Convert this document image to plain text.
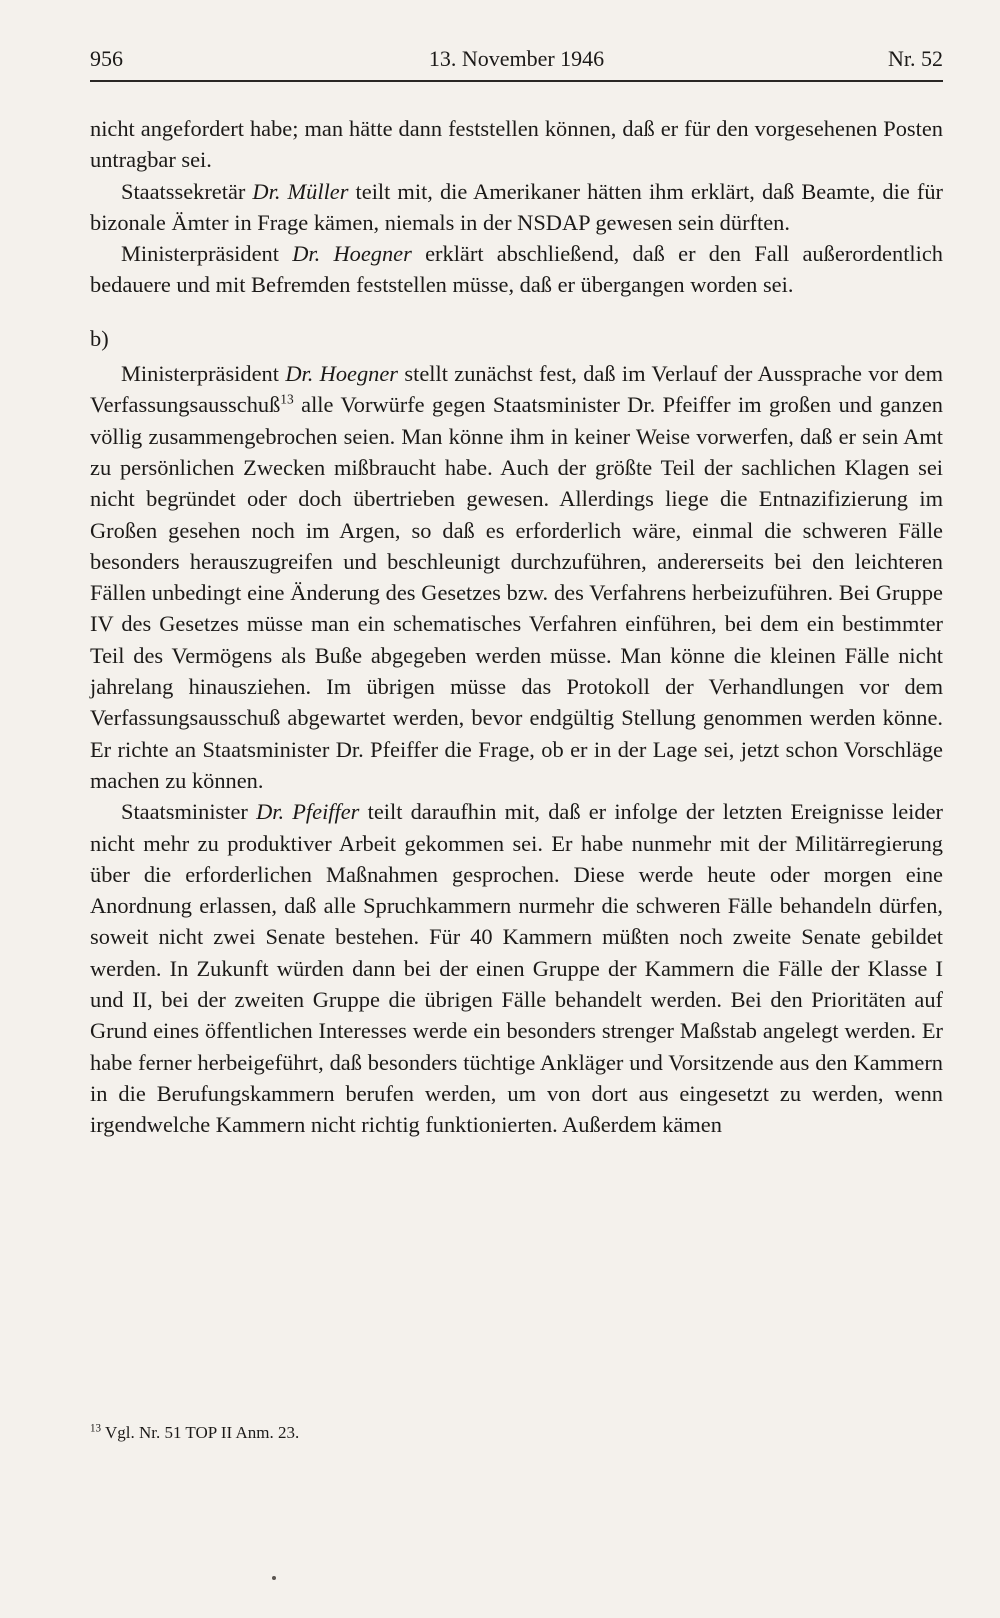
13. November 1946
956	Nr. 52

nicht angefordert habe; man hätte dann feststellen können, daß er für den vorgesehenen Posten untragbar sei.

Staatssekretär Dr. Müller teilt mit, die Amerikaner hätten ihm erklärt, daß Beamte, die für bizonale Ämter in Frage kämen, niemals in der NSDAP gewesen sein dürften.

Ministerpräsident Dr. Hoegner erklärt abschließend, daß er den Fall außerordentlich bedauere und mit Befremden feststellen müsse, daß er übergangen worden sei.

b)

Ministerpräsident Dr. Hoegner stellt zunächst fest, daß im Verlauf der Aussprache vor dem Verfassungsausschuß$^{13}$ alle Vorwürfe gegen Staatsminister Dr. Pfeiffer im großen und ganzen völlig zusammengebrochen seien. Man könne ihm in keiner Weise vorwerfen, daß er sein Amt zu persönlichen Zwecken mißbraucht habe. Auch der größte Teil der sachlichen Klagen sei nicht begründet oder doch übertrieben gewesen. Allerdings liege die Entnazifizierung im Großen gesehen noch im Argen, so daß es erforderlich wäre, einmal die schweren Fälle besonders herauszugreifen und beschleunigt durchzuführen, andererseits bei den leichteren Fällen unbedingt eine Änderung des Gesetzes bzw. des Verfahrens herbeizuführen. Bei Gruppe IV des Gesetzes müsse man ein schematisches Verfahren einführen, bei dem ein bestimmter Teil des Vermögens als Buße abgegeben werden müsse. Man könne die kleinen Fälle nicht jahrelang hinausziehen. Im übrigen müsse das Protokoll der Verhandlungen vor dem Verfassungsausschuß abgewartet werden, bevor endgültig Stellung genommen werden könne. Er richte an Staatsminister Dr. Pfeiffer die Frage, ob er in der Lage sei, jetzt schon Vorschläge machen zu können.

Staatsminister Dr. Pfeiffer teilt daraufhin mit, daß er infolge der letzten Ereignisse leider nicht mehr zu produktiver Arbeit gekommen sei. Er habe nunmehr mit der Militärregierung über die erforderlichen Maßnahmen gesprochen. Diese werde heute oder morgen eine Anordnung erlassen, daß alle Spruchkammern nurmehr die schweren Fälle behandeln dürfen, soweit nicht zwei Senate bestehen. Für 40 Kammern müßten noch zweite Senate gebildet werden. In Zukunft würden dann bei der einen Gruppe der Kammern die Fälle der Klasse I und II, bei der zweiten Gruppe die übrigen Fälle behandelt werden. Bei den Prioritäten auf Grund eines öffentlichen Interesses werde ein besonders strenger Maßstab angelegt werden. Er habe ferner herbeigeführt, daß besonders tüchtige Ankläger und Vorsitzende aus den Kammern in die Berufungskammern berufen werden, um von dort aus eingesetzt zu werden, wenn irgendwelche Kammern nicht richtig funktionierten. Außerdem kämen

$^{13}$ Vgl. Nr. 51 TOP II Anm. 23.
